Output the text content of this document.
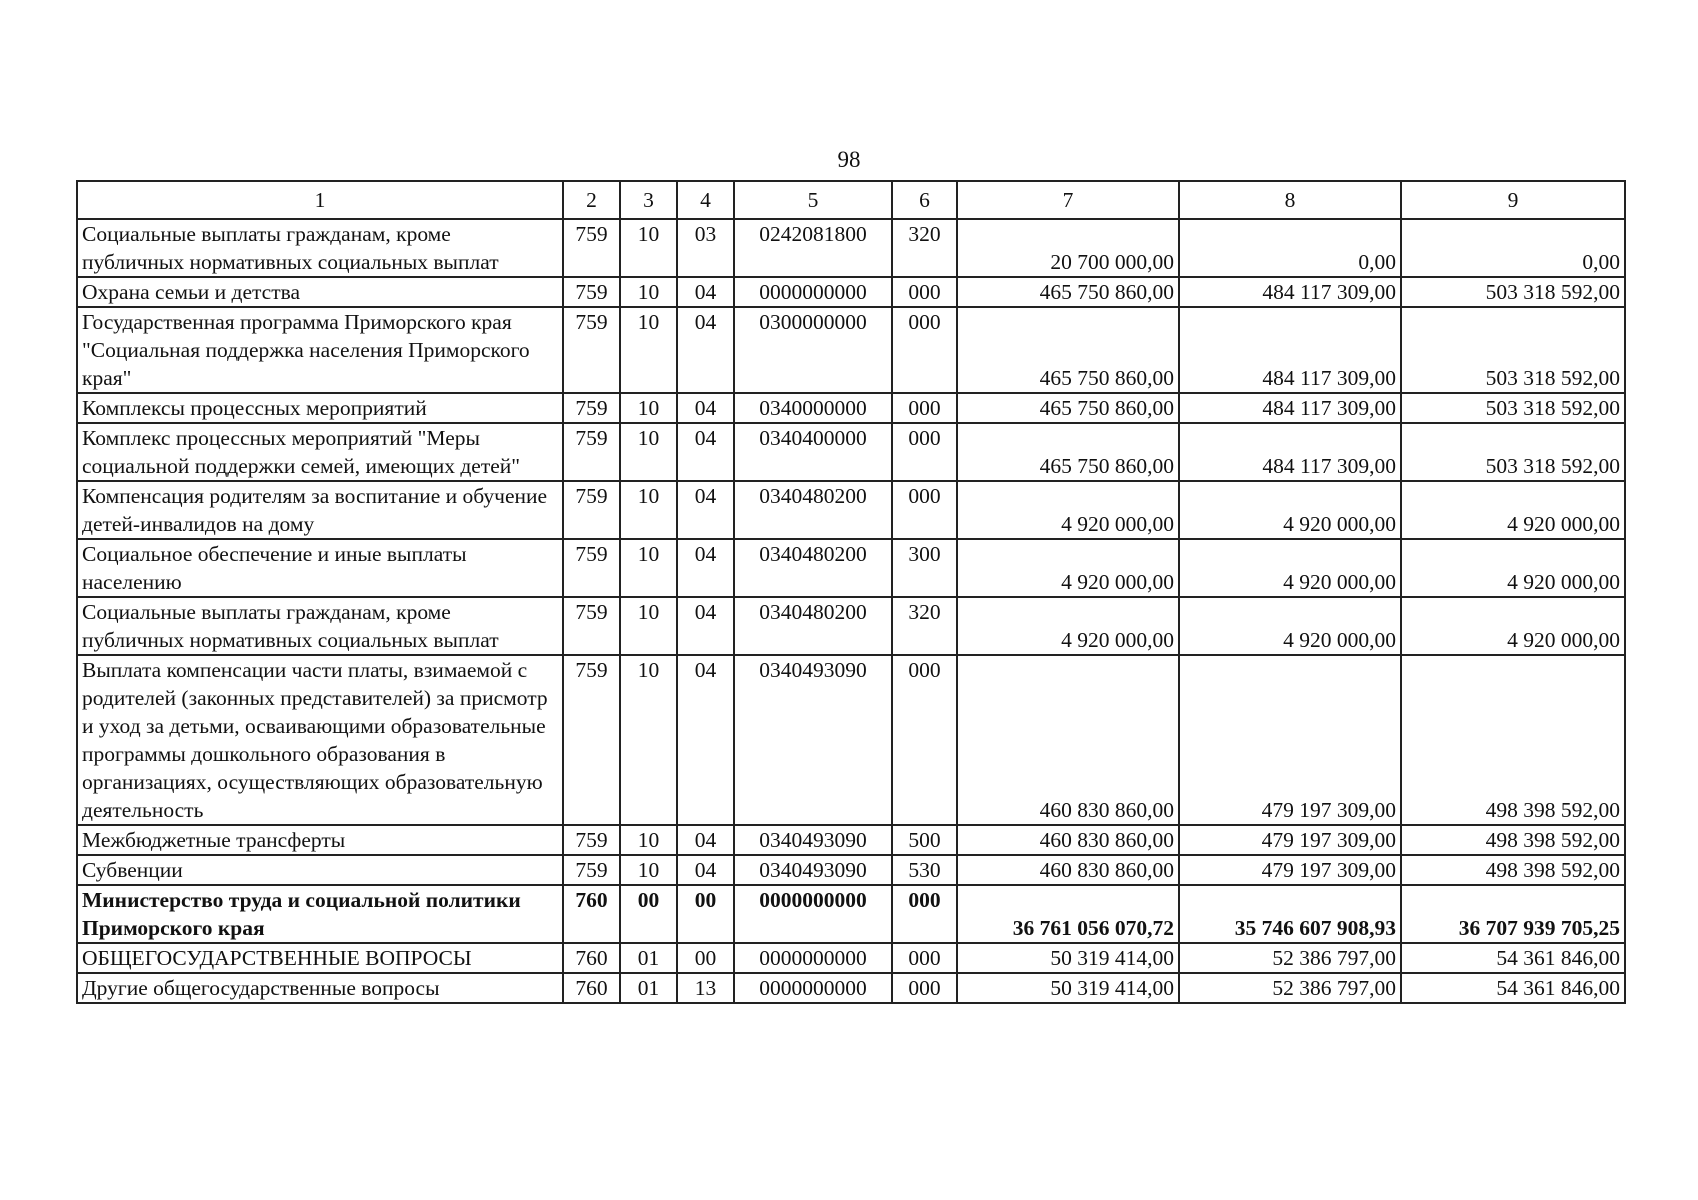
98
1	2	3	4	5	6	7	8	9
Социальные выплаты гражданам, кроме публичных нормативных социальных выплат	759	10	03	0242081800	320	20 700 000,00	0,00	0,00
Охрана семьи и детства	759	10	04	0000000000	000	465 750 860,00	484 117 309,00	503 318 592,00
Государственная программа Приморского края "Социальная поддержка населения Приморского края"	759	10	04	0300000000	000	465 750 860,00	484 117 309,00	503 318 592,00
Комплексы процессных мероприятий	759	10	04	0340000000	000	465 750 860,00	484 117 309,00	503 318 592,00
Комплекс процессных мероприятий "Меры социальной поддержки семей, имеющих детей"	759	10	04	0340400000	000	465 750 860,00	484 117 309,00	503 318 592,00
Компенсация родителям за воспитание и обучение детей-инвалидов на дому	759	10	04	0340480200	000	4 920 000,00	4 920 000,00	4 920 000,00
Социальное обеспечение и иные выплаты населению	759	10	04	0340480200	300	4 920 000,00	4 920 000,00	4 920 000,00
Социальные выплаты гражданам, кроме публичных нормативных социальных выплат	759	10	04	0340480200	320	4 920 000,00	4 920 000,00	4 920 000,00
Выплата компенсации части платы, взимаемой с родителей (законных представителей) за присмотр и уход за детьми, осваивающими образовательные программы дошкольного образования в организациях, осуществляющих образовательную деятельность	759	10	04	0340493090	000	460 830 860,00	479 197 309,00	498 398 592,00
Межбюджетные трансферты	759	10	04	0340493090	500	460 830 860,00	479 197 309,00	498 398 592,00
Субвенции	759	10	04	0340493090	530	460 830 860,00	479 197 309,00	498 398 592,00
Министерство труда и социальной политики Приморского края	760	00	00	0000000000	000	36 761 056 070,72	35 746 607 908,93	36 707 939 705,25
ОБЩЕГОСУДАРСТВЕННЫЕ ВОПРОСЫ	760	01	00	0000000000	000	50 319 414,00	52 386 797,00	54 361 846,00
Другие общегосударственные вопросы	760	01	13	0000000000	000	50 319 414,00	52 386 797,00	54 361 846,00
